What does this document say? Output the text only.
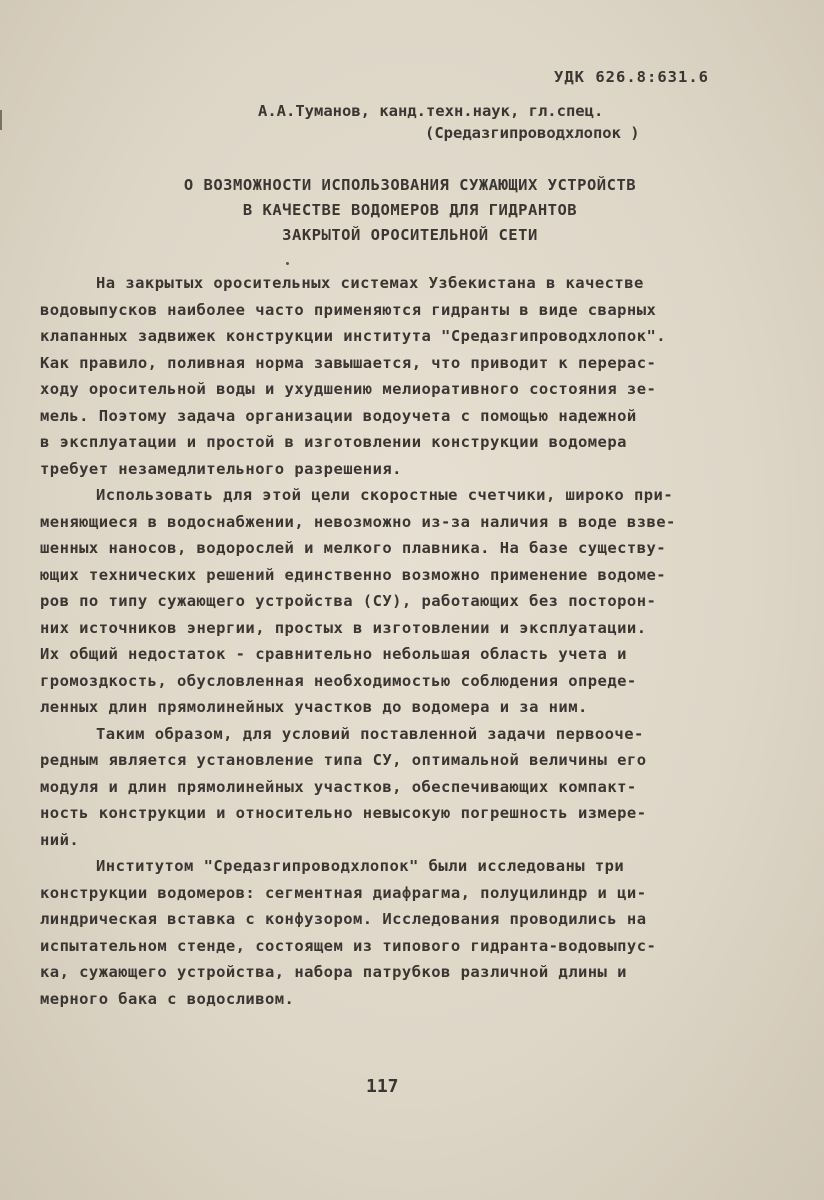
УДК 626.8:631.6
А.А.Туманов, канд.техн.наук, гл.спец.
(Средазгипроводхлопок )
О ВОЗМОЖНОСТИ ИСПОЛЬЗОВАНИЯ СУЖАЮЩИХ УСТРОЙСТВ
В КАЧЕСТВЕ ВОДОМЕРОВ ДЛЯ ГИДРАНТОВ
ЗАКРЫТОЙ ОРОСИТЕЛЬНОЙ СЕТИ
На закрытых оросительных системах Узбекистана в качестве
водовыпусков наиболее часто применяются гидранты в виде сварных
клапанных задвижек конструкции института "Средазгипроводхлопок".
Как правило, поливная норма завышается, что приводит к перерас-
ходу оросительной воды и ухудшению мелиоративного состояния зе-
мель. Поэтому задача организации водоучета с помощью надежной
в эксплуатации и простой в изготовлении конструкции водомера
требует незамедлительного разрешения.
Использовать для этой цели скоростные счетчики, широко при-
меняющиеся в водоснабжении, невозможно из-за наличия в воде взве-
шенных наносов, водорослей и мелкого плавника. На базе существу-
ющих технических решений единственно возможно применение водоме-
ров по типу сужающего устройства (СУ), работающих без посторон-
них источников энергии, простых в изготовлении и эксплуатации.
Их общий недостаток - сравнительно небольшая область учета и
громоздкость, обусловленная необходимостью соблюдения опреде-
ленных длин прямолинейных участков до водомера и за ним.
Таким образом, для условий поставленной задачи первооче-
редным является установление типа СУ, оптимальной величины его
модуля и длин прямолинейных участков, обеспечивающих компакт-
ность конструкции и относительно невысокую погрешность измере-
ний.
Институтом "Средазгипроводхлопок" были исследованы три
конструкции водомеров: сегментная диафрагма, полуцилиндр и ци-
линдрическая вставка с конфузором. Исследования проводились на
испытательном стенде, состоящем из типового гидранта-водовыпус-
ка, сужающего устройства, набора патрубков различной длины и
мерного бака с водосливом.
117
